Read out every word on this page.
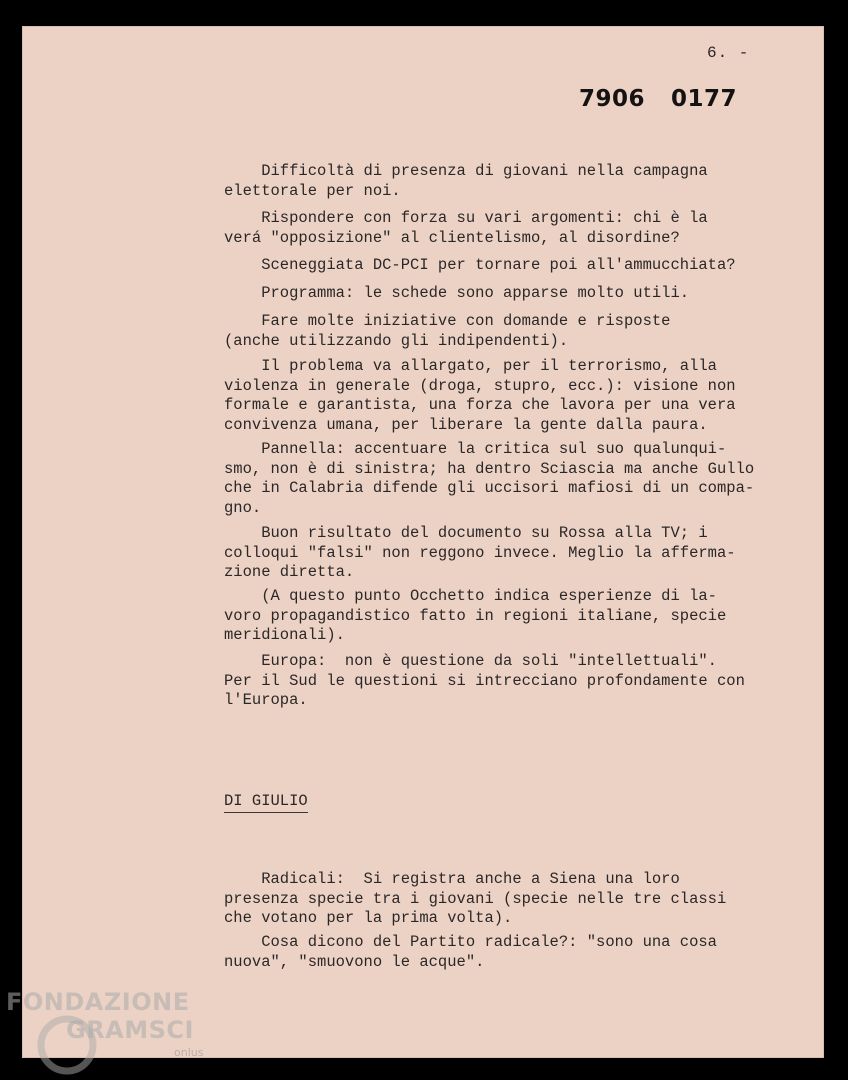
6. -
7906 0177
Difficoltà di presenza di giovani nella campagna
elettorale per noi.
Rispondere con forza su vari argomenti: chi è la
verá "opposizione" al clientelismo, al disordine?
Sceneggiata DC-PCI per tornare poi all'ammucchiata?
Programma: le schede sono apparse molto utili.
Fare molte iniziative con domande e risposte
(anche utilizzando gli indipendenti).
Il problema va allargato, per il terrorismo, alla
violenza in generale (droga, stupro, ecc.): visione non
formale e garantista, una forza che lavora per una vera
convivenza umana, per liberare la gente dalla paura.
Pannella: accentuare la critica sul suo qualunqui-
smo, non è di sinistra; ha dentro Sciascia ma anche Gullo
che in Calabria difende gli uccisori mafiosi di un compa-
gno.
Buon risultato del documento su Rossa alla TV; i
colloqui "falsi" non reggono invece. Meglio la afferma-
zione diretta.
(A questo punto Occhetto indica esperienze di la-
voro propagandistico fatto in regioni italiane, specie
meridionali).
Europa:  non è questione da soli "intellettuali".
Per il Sud le questioni si intrecciano profondamente con
l'Europa.
DI GIULIO
Radicali:  Si registra anche a Siena una loro
presenza specie tra i giovani (specie nelle tre classi
che votano per la prima volta).
Cosa dicono del Partito radicale?: "sono una cosa
nuova", "smuovono le acque".
FONDAZIONE
GRAMSCI
onlus
